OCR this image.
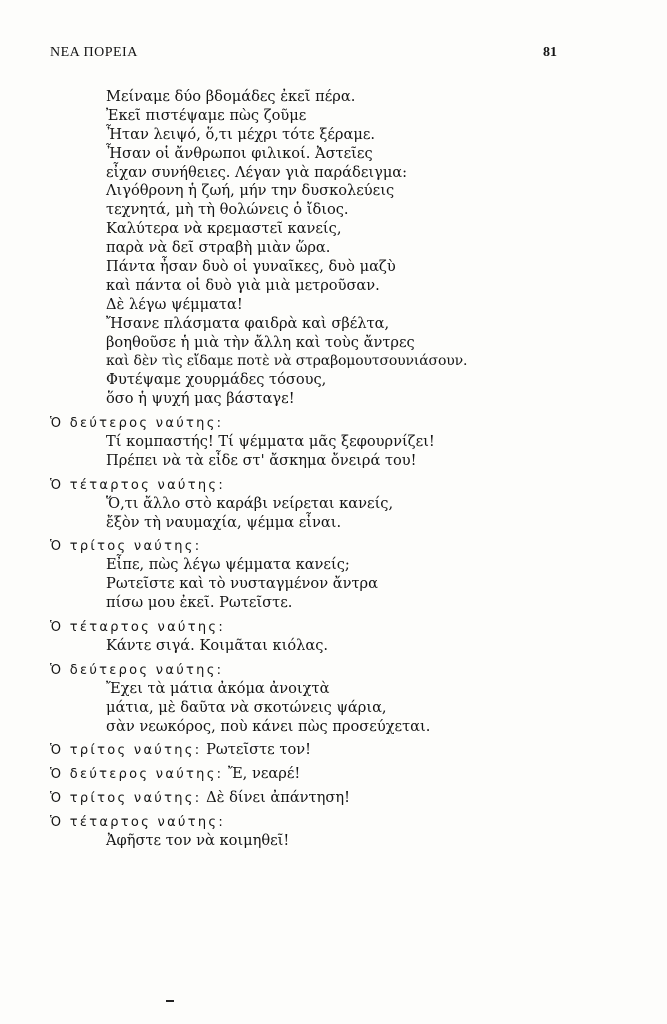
ΝΕΑ ΠΟΡΕΙΑ	81
Μείναμε δύο βδομάδες ἐκεῖ πέρα.
Ἐκεῖ πιστέψαμε πὼς ζοῦμε
Ἦταν λειψό, ὅ,τι μέχρι τότε ξέραμε.
Ἦσαν οἱ ἄνθρωποι φιλικοί. Ἀστεῖες
εἶχαν συνήθειες. Λέγαν γιὰ παράδειγμα:
Λιγόθρονη ἡ ζωή, μήν την δυσκολεύεις
τεχνητά, μὴ τὴ θολώνεις ὁ ἴδιος.
Καλύτερα νὰ κρεμαστεῖ κανείς,
παρὰ νὰ δεῖ στραβὴ μιὰν ὥρα.
Πάντα ἦσαν δυὸ οἱ γυναῖκες, δυὸ μαζὺ
καὶ πάντα οἱ δυὸ γιὰ μιὰ μετροῦσαν.
Δὲ λέγω ψέμματα!
Ἤσανε πλάσματα φαιδρὰ καὶ σβέλτα,
βοηθοῦσε ἡ μιὰ τὴν ἄλλη καὶ τοὺς ἄντρες
καὶ δὲν τὶς εἴδαμε ποτὲ νὰ στραβομουτσουνιάσουν.
Φυτέψαμε χουρμάδες τόσους,
ὅσο ἡ ψυχή μας βάσταγε!
Ὁ δεύτερος ναύτης:
Τί κομπαστής! Τί ψέμματα μᾶς ξεφουρνίζει!
Πρέπει νὰ τὰ εἶδε στ' ἄσκημα ὄνειρά του!
Ὁ τέταρτος ναύτης:
Ὅ,τι ἄλλο στὸ καράβι νείρεται κανείς,
ἔξὸν τὴ ναυμαχία, ψέμμα εἶναι.
Ὁ τρίτος ναύτης:
Εἶπε, πὼς λέγω ψέμματα κανείς;
Ρωτεῖστε καὶ τὸ νυσταγμένον ἄντρα
πίσω μου ἐκεῖ. Ρωτεῖστε.
Ὁ τέταρτος ναύτης:
Κάντε σιγά. Κοιμᾶται κιόλας.
Ὁ δεύτερος ναύτης:
Ἔχει τὰ μάτια ἀκόμα ἀνοιχτὰ
μάτια, μὲ δαῦτα νὰ σκοτώνεις ψάρια,
σὰν νεωκόρος, ποὺ κάνει πὼς προσεύχεται.
Ὁ τρίτος ναύτης: Ρωτεῖστε τον!
Ὁ δεύτερος ναύτης: Ἔ, νεαρέ!
Ὁ τρίτος ναύτης: Δὲ δίνει ἀπάντηση!
Ὁ τέταρτος ναύτης:
Ἀφῆστε τον νὰ κοιμηθεῖ!
